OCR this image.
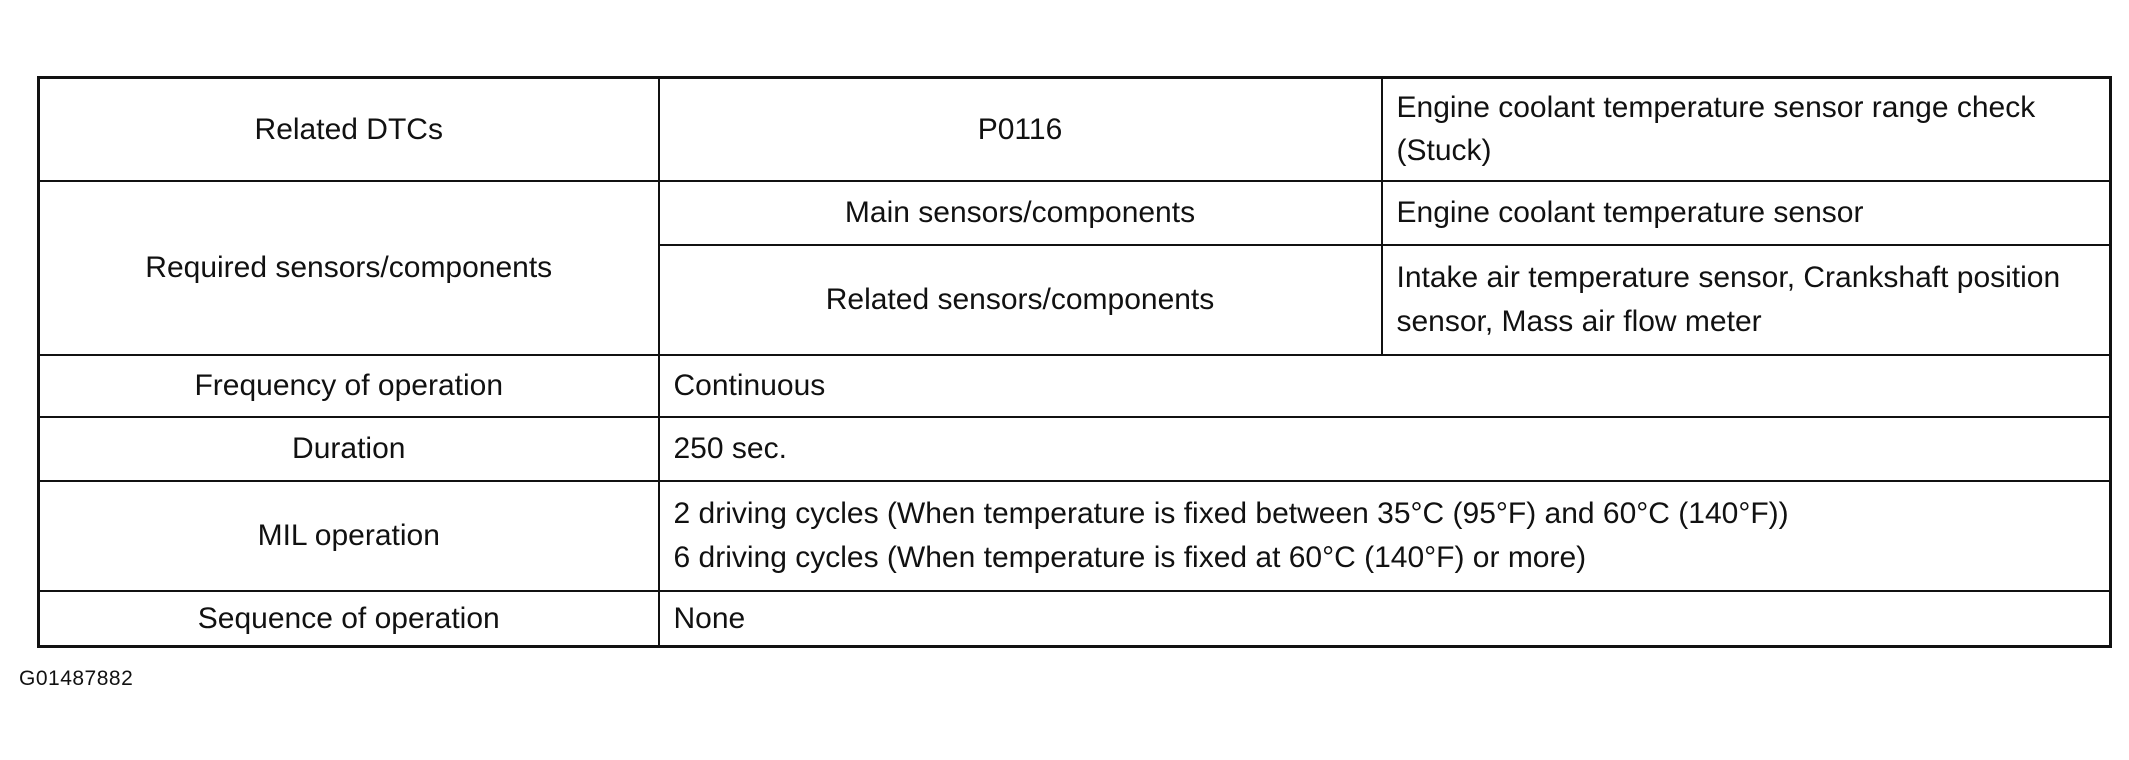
Related DTCs	P0116	Engine coolant temperature sensor range check (Stuck)
Required sensors/components	Main sensors/components	Engine coolant temperature sensor
	Related sensors/components	Intake air temperature sensor, Crankshaft position sensor, Mass air flow meter
Frequency of operation	Continuous	
Duration	250 sec.	
MIL operation	2 driving cycles (When temperature is fixed between 35°C (95°F) and 60°C (140°F))
6 driving cycles (When temperature is fixed at 60°C (140°F) or more)	

Sequence of operation	None	
G01487882
